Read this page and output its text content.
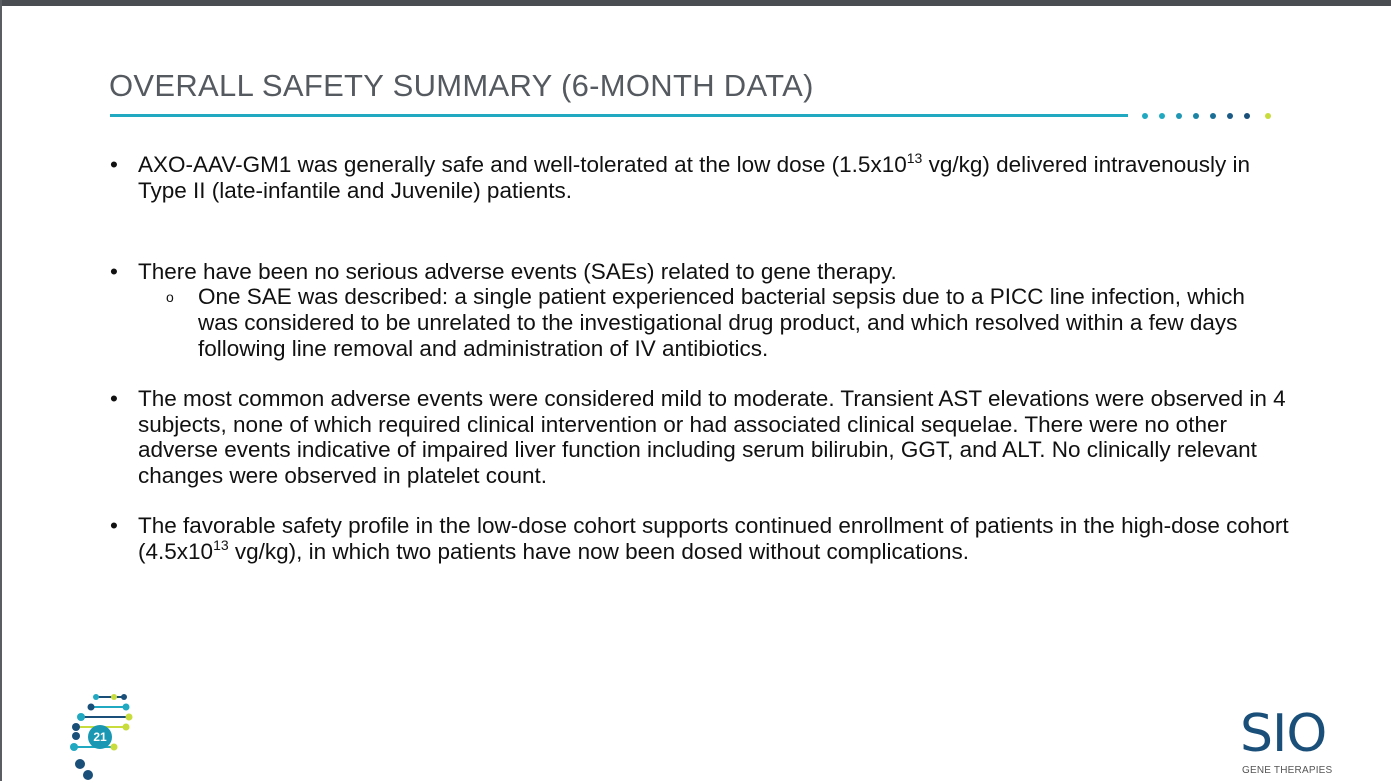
OVERALL SAFETY SUMMARY (6-MONTH DATA)

• AXO-AAV-GM1 was generally safe and well-tolerated at the low dose ($1.5x10^{13}$ vg/kg) delivered intravenously in Type II (late-infantile and Juvenile) patients.

• There have been no serious adverse events (SAEs) related to gene therapy.

o One SAE was described: a single patient experienced bacterial sepsis due to a PICC line infection, which was considered to be unrelated to the investigational drug product, and which resolved within a few days following line removal and administration of IV antibiotics.

• The most common adverse events were considered mild to moderate. Transient AST elevations were observed in 4 subjects, none of which required clinical intervention or had associated clinical sequelae. There were no other adverse events indicative of impaired liver function including serum bilirubin, GGT, and ALT. No clinically relevant changes were observed in platelet count.

• The favorable safety profile in the low-dose cohort supports continued enrollment of patients in the high-dose cohort ($4.5x10^{13}$ vg/kg), in which two patients have now been dosed without complications.

21	SIO
GENE THERAPIES
